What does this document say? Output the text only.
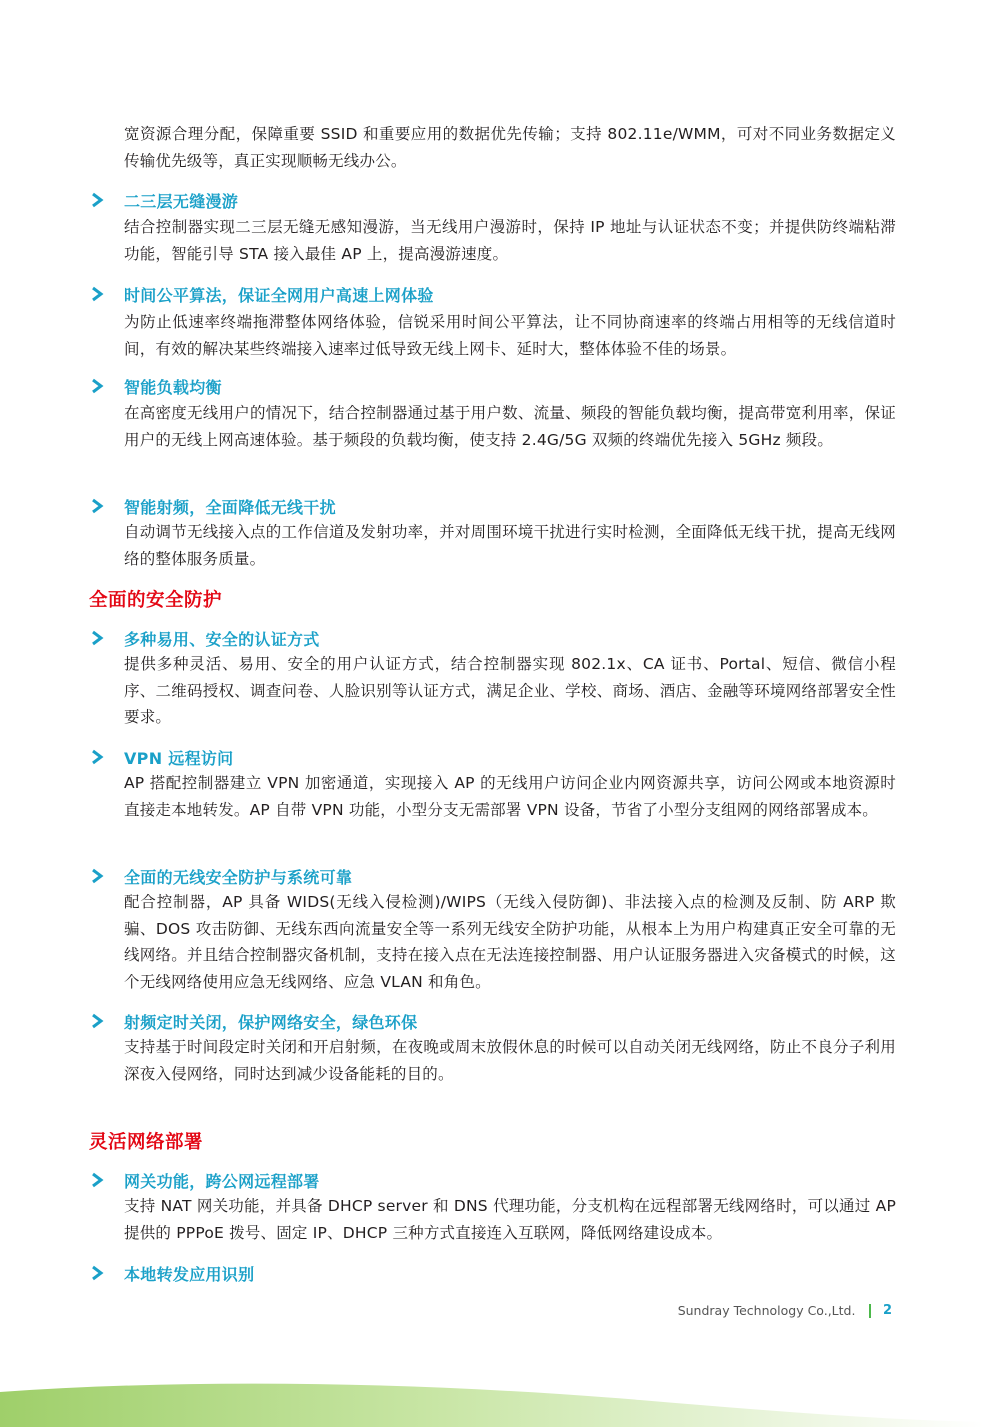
宽资源合理分配，保障重要 SSID 和重要应用的数据优先传输；支持 802.11e/WMM，可对不同业务数据定义传输优先级等，真正实现顺畅无线办公。
二三层无缝漫游
结合控制器实现二三层无缝无感知漫游，当无线用户漫游时，保持 IP 地址与认证状态不变；并提供防终端粘滞功能，智能引导 STA 接入最佳 AP 上，提高漫游速度。
时间公平算法，保证全网用户高速上网体验
为防止低速率终端拖滞整体网络体验，信锐采用时间公平算法，让不同协商速率的终端占用相等的无线信道时间，有效的解决某些终端接入速率过低导致无线上网卡、延时大，整体体验不佳的场景。
智能负载均衡
在高密度无线用户的情况下，结合控制器通过基于用户数、流量、频段的智能负载均衡，提高带宽利用率，保证用户的无线上网高速体验。基于频段的负载均衡，使支持 2.4G/5G 双频的终端优先接入 5GHz 频段。
智能射频，全面降低无线干扰
自动调节无线接入点的工作信道及发射功率，并对周围环境干扰进行实时检测，全面降低无线干扰，提高无线网络的整体服务质量。
全面的安全防护
多种易用、安全的认证方式
提供多种灵活、易用、安全的用户认证方式，结合控制器实现 802.1x、CA 证书、Portal、短信、微信小程序、二维码授权、调查问卷、人脸识别等认证方式，满足企业、学校、商场、酒店、金融等环境网络部署安全性要求。
VPN 远程访问
AP 搭配控制器建立 VPN 加密通道，实现接入 AP 的无线用户访问企业内网资源共享，访问公网或本地资源时直接走本地转发。AP 自带 VPN 功能，小型分支无需部署 VPN 设备，节省了小型分支组网的网络部署成本。
全面的无线安全防护与系统可靠
配合控制器，AP 具备 WIDS(无线入侵检测)/WIPS（无线入侵防御)、非法接入点的检测及反制、防 ARP 欺骗、DOS 攻击防御、无线东西向流量安全等一系列无线安全防护功能，从根本上为用户构建真正安全可靠的无线网络。并且结合控制器灾备机制，支持在接入点在无法连接控制器、用户认证服务器进入灾备模式的时候，这个无线网络使用应急无线网络、应急 VLAN 和角色。
射频定时关闭，保护网络安全，绿色环保
支持基于时间段定时关闭和开启射频，在夜晚或周末放假休息的时候可以自动关闭无线网络，防止不良分子利用深夜入侵网络，同时达到减少设备能耗的目的。
灵活网络部署
网关功能，跨公网远程部署
支持 NAT 网关功能，并具备 DHCP server 和 DNS 代理功能，分支机构在远程部署无线网络时，可以通过 AP 提供的 PPPoE 拨号、固定 IP、DHCP 三种方式直接连入互联网，降低网络建设成本。
本地转发应用识别
Sundray Technology Co.,Ltd. 2
